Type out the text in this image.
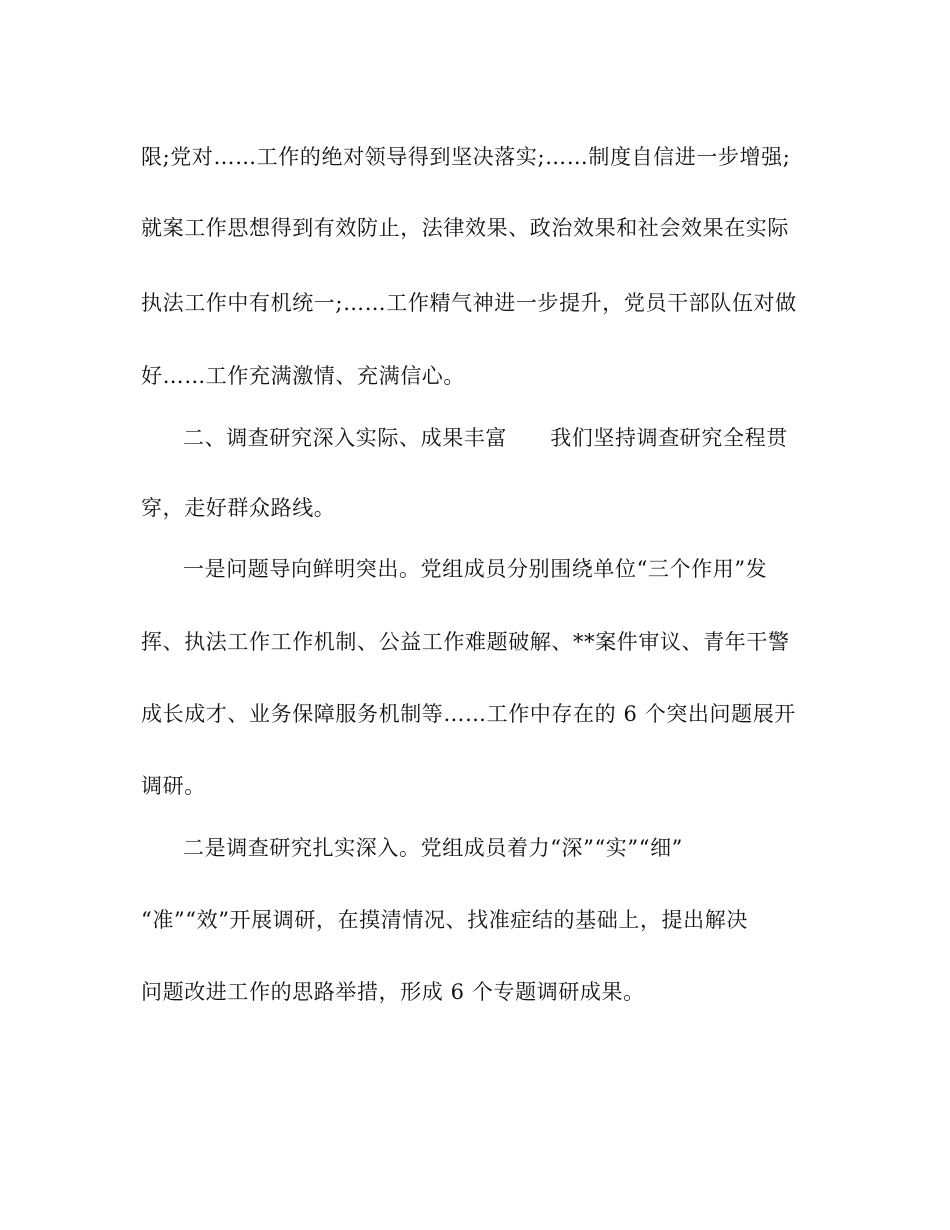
限;党对……工作的绝对领导得到坚决落实;……制度自信进一步增强;
就案工作思想得到有效防止，法律效果、政治效果和社会效果在实际
执法工作中有机统一;……工作精气神进一步提升，党员干部队伍对做
好……工作充满激情、充满信心。
二、调查研究深入实际、成果丰富　　我们坚持调查研究全程贯
穿，走好群众路线。
一是问题导向鲜明突出。党组成员分别围绕单位“三个作用”发
挥、执法工作工作机制、公益工作难题破解、**案件审议、青年干警
成长成才、业务保障服务机制等……工作中存在的 6 个突出问题展开
调研。
二是调查研究扎实深入。党组成员着力“深”“实”“细”
“准”“效”开展调研，在摸清情况、找准症结的基础上，提出解决
问题改进工作的思路举措，形成 6 个专题调研成果。
